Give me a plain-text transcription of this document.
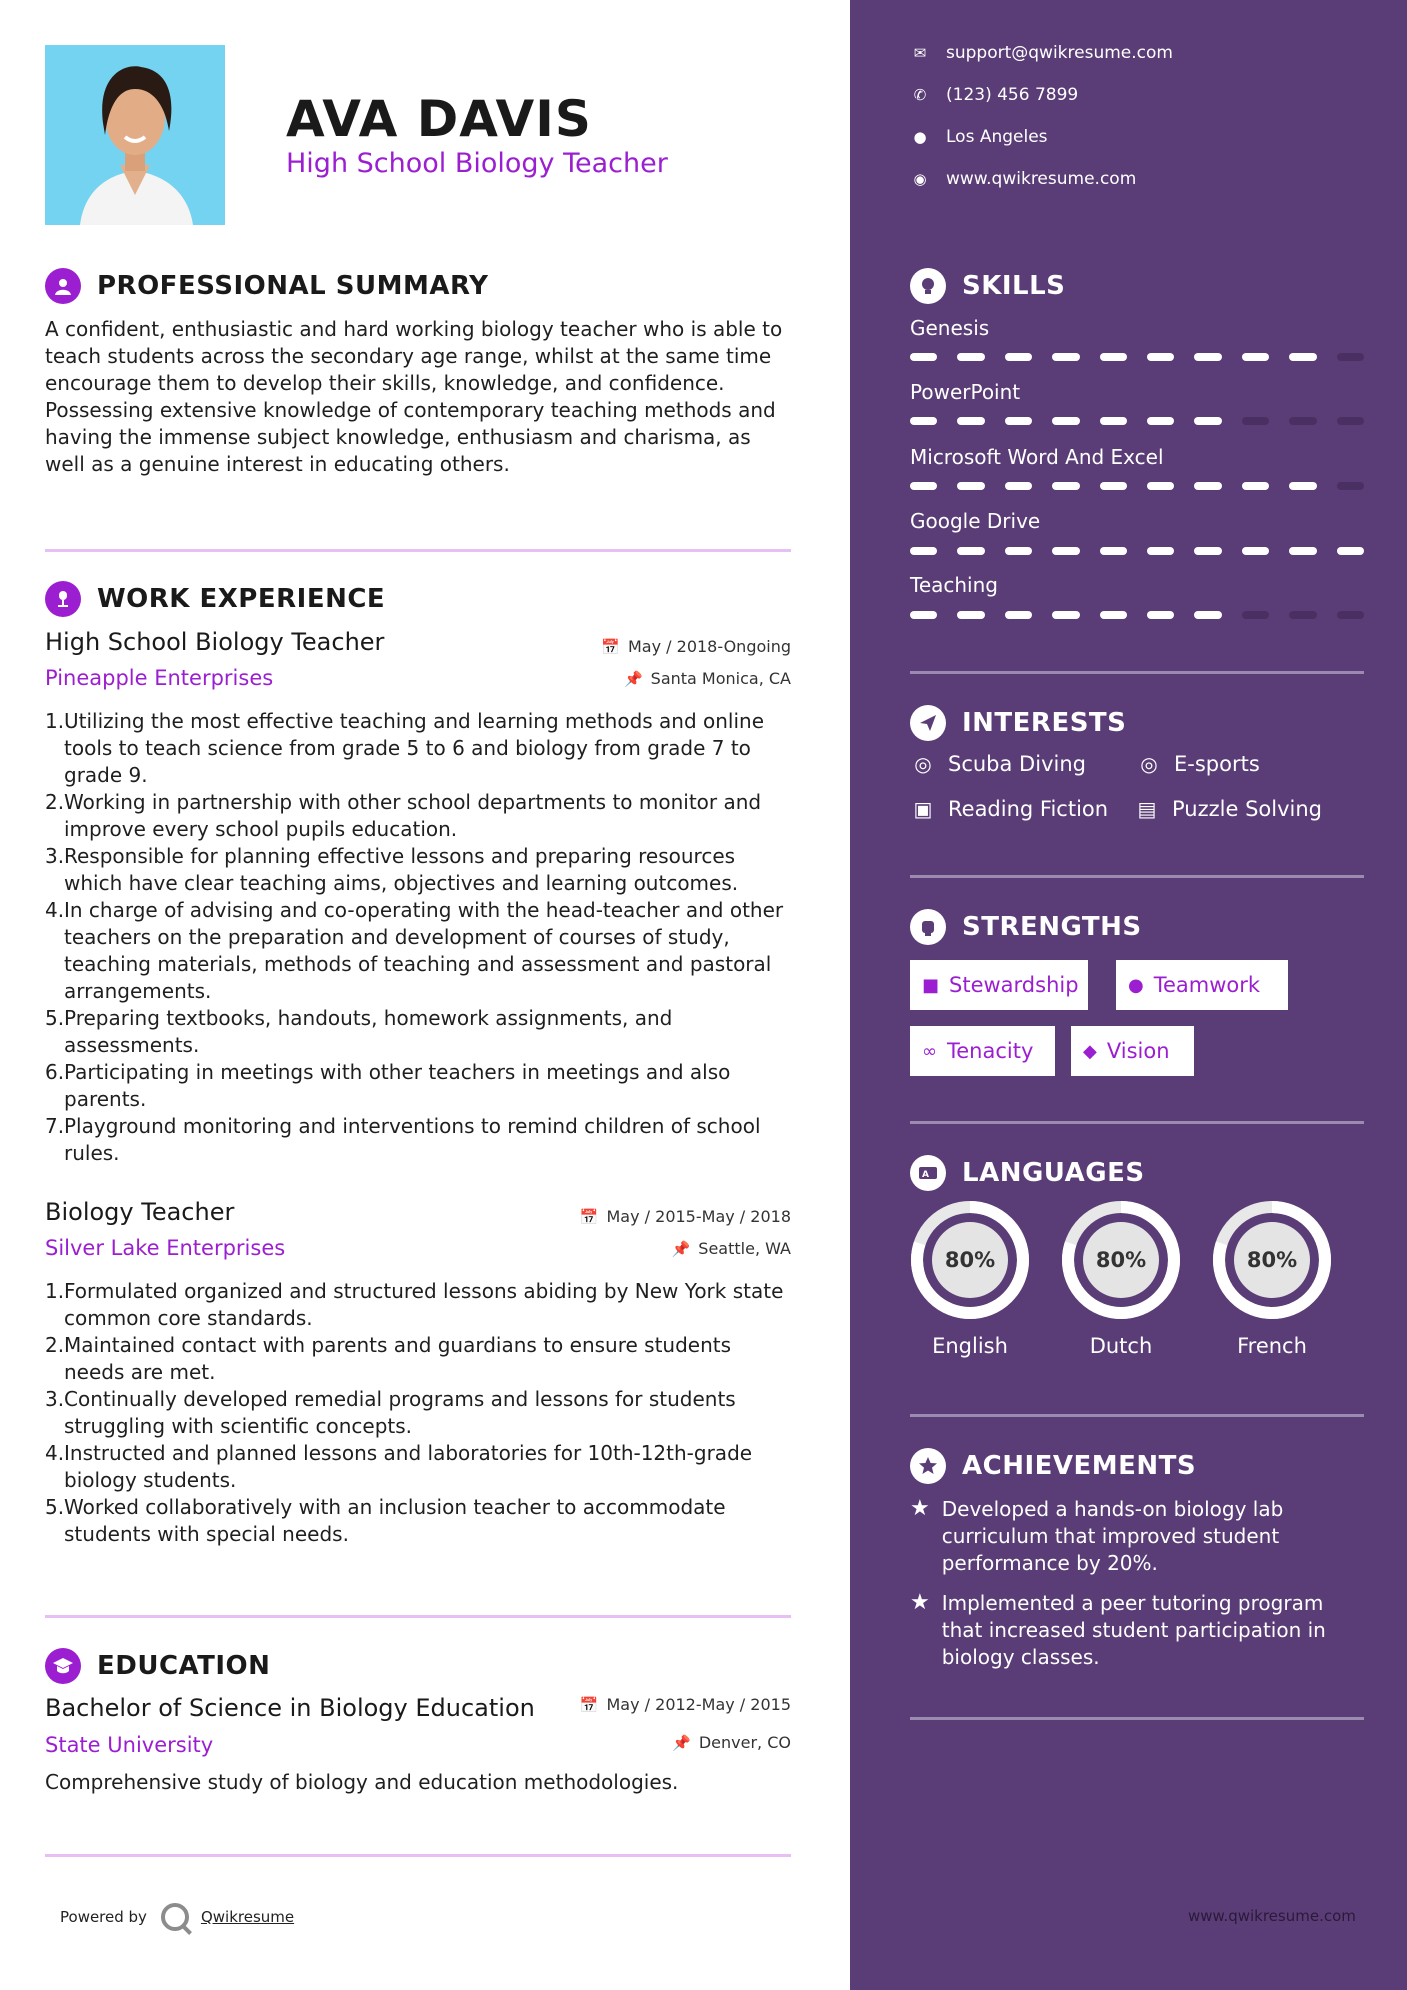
AVA DAVIS
High School Biology Teacher
PROFESSIONAL SUMMARY
A confident, enthusiastic and hard working biology teacher who is able to teach students across the secondary age range, whilst at the same time encourage them to develop their skills, knowledge, and confidence. Possessing extensive knowledge of contemporary teaching methods and having the immense subject knowledge, enthusiasm and charisma, as well as a genuine interest in educating others.
WORK EXPERIENCE
High School Biology Teacher	📅 May / 2018-Ongoing
Pineapple Enterprises	📌 Santa Monica, CA
1. Utilizing the most effective teaching and learning methods and online tools to teach science from grade 5 to 6 and biology from grade 7 to grade 9.
2. Working in partnership with other school departments to monitor and improve every school pupils education.
3. Responsible for planning effective lessons and preparing resources which have clear teaching aims, objectives and learning outcomes.
4. In charge of advising and co-operating with the head-teacher and other teachers on the preparation and development of courses of study, teaching materials, methods of teaching and assessment and pastoral arrangements.
5. Preparing textbooks, handouts, homework assignments, and assessments.
6. Participating in meetings with other teachers in meetings and also parents.
7. Playground monitoring and interventions to remind children of school rules.
Biology Teacher	📅 May / 2015-May / 2018
Silver Lake Enterprises	📌 Seattle, WA
1. Formulated organized and structured lessons abiding by New York state common core standards.
2. Maintained contact with parents and guardians to ensure students needs are met.
3. Continually developed remedial programs and lessons for students struggling with scientific concepts.
4. Instructed and planned lessons and laboratories for 10th-12th-grade biology students.
5. Worked collaboratively with an inclusion teacher to accommodate students with special needs.
EDUCATION
Bachelor of Science in Biology Education	📅 May / 2012-May / 2015
State University	📌 Denver, CO
Comprehensive study of biology and education methodologies.
Powered by	Qwikresume
✉ support@qwikresume.com
✆ (123) 456 7899
● Los Angeles
◉ www.qwikresume.com
SKILLS
Genesis
PowerPoint
Microsoft Word And Excel
Google Drive
Teaching
INTERESTS
◎ Scuba Diving	◎ E-sports
▣ Reading Fiction ▤ Puzzle Solving
STRENGTHS
■ Stewardship	● Teamwork
∞ Tenacity	◆ Vision
A LANGUAGES
80%
English
80%
Dutch
80%
French
ACHIEVEMENTS
★ Developed a hands-on biology lab curriculum that improved student performance by 20%.
★ Implemented a peer tutoring program that increased student participation in biology classes.
www.qwikresume.com
